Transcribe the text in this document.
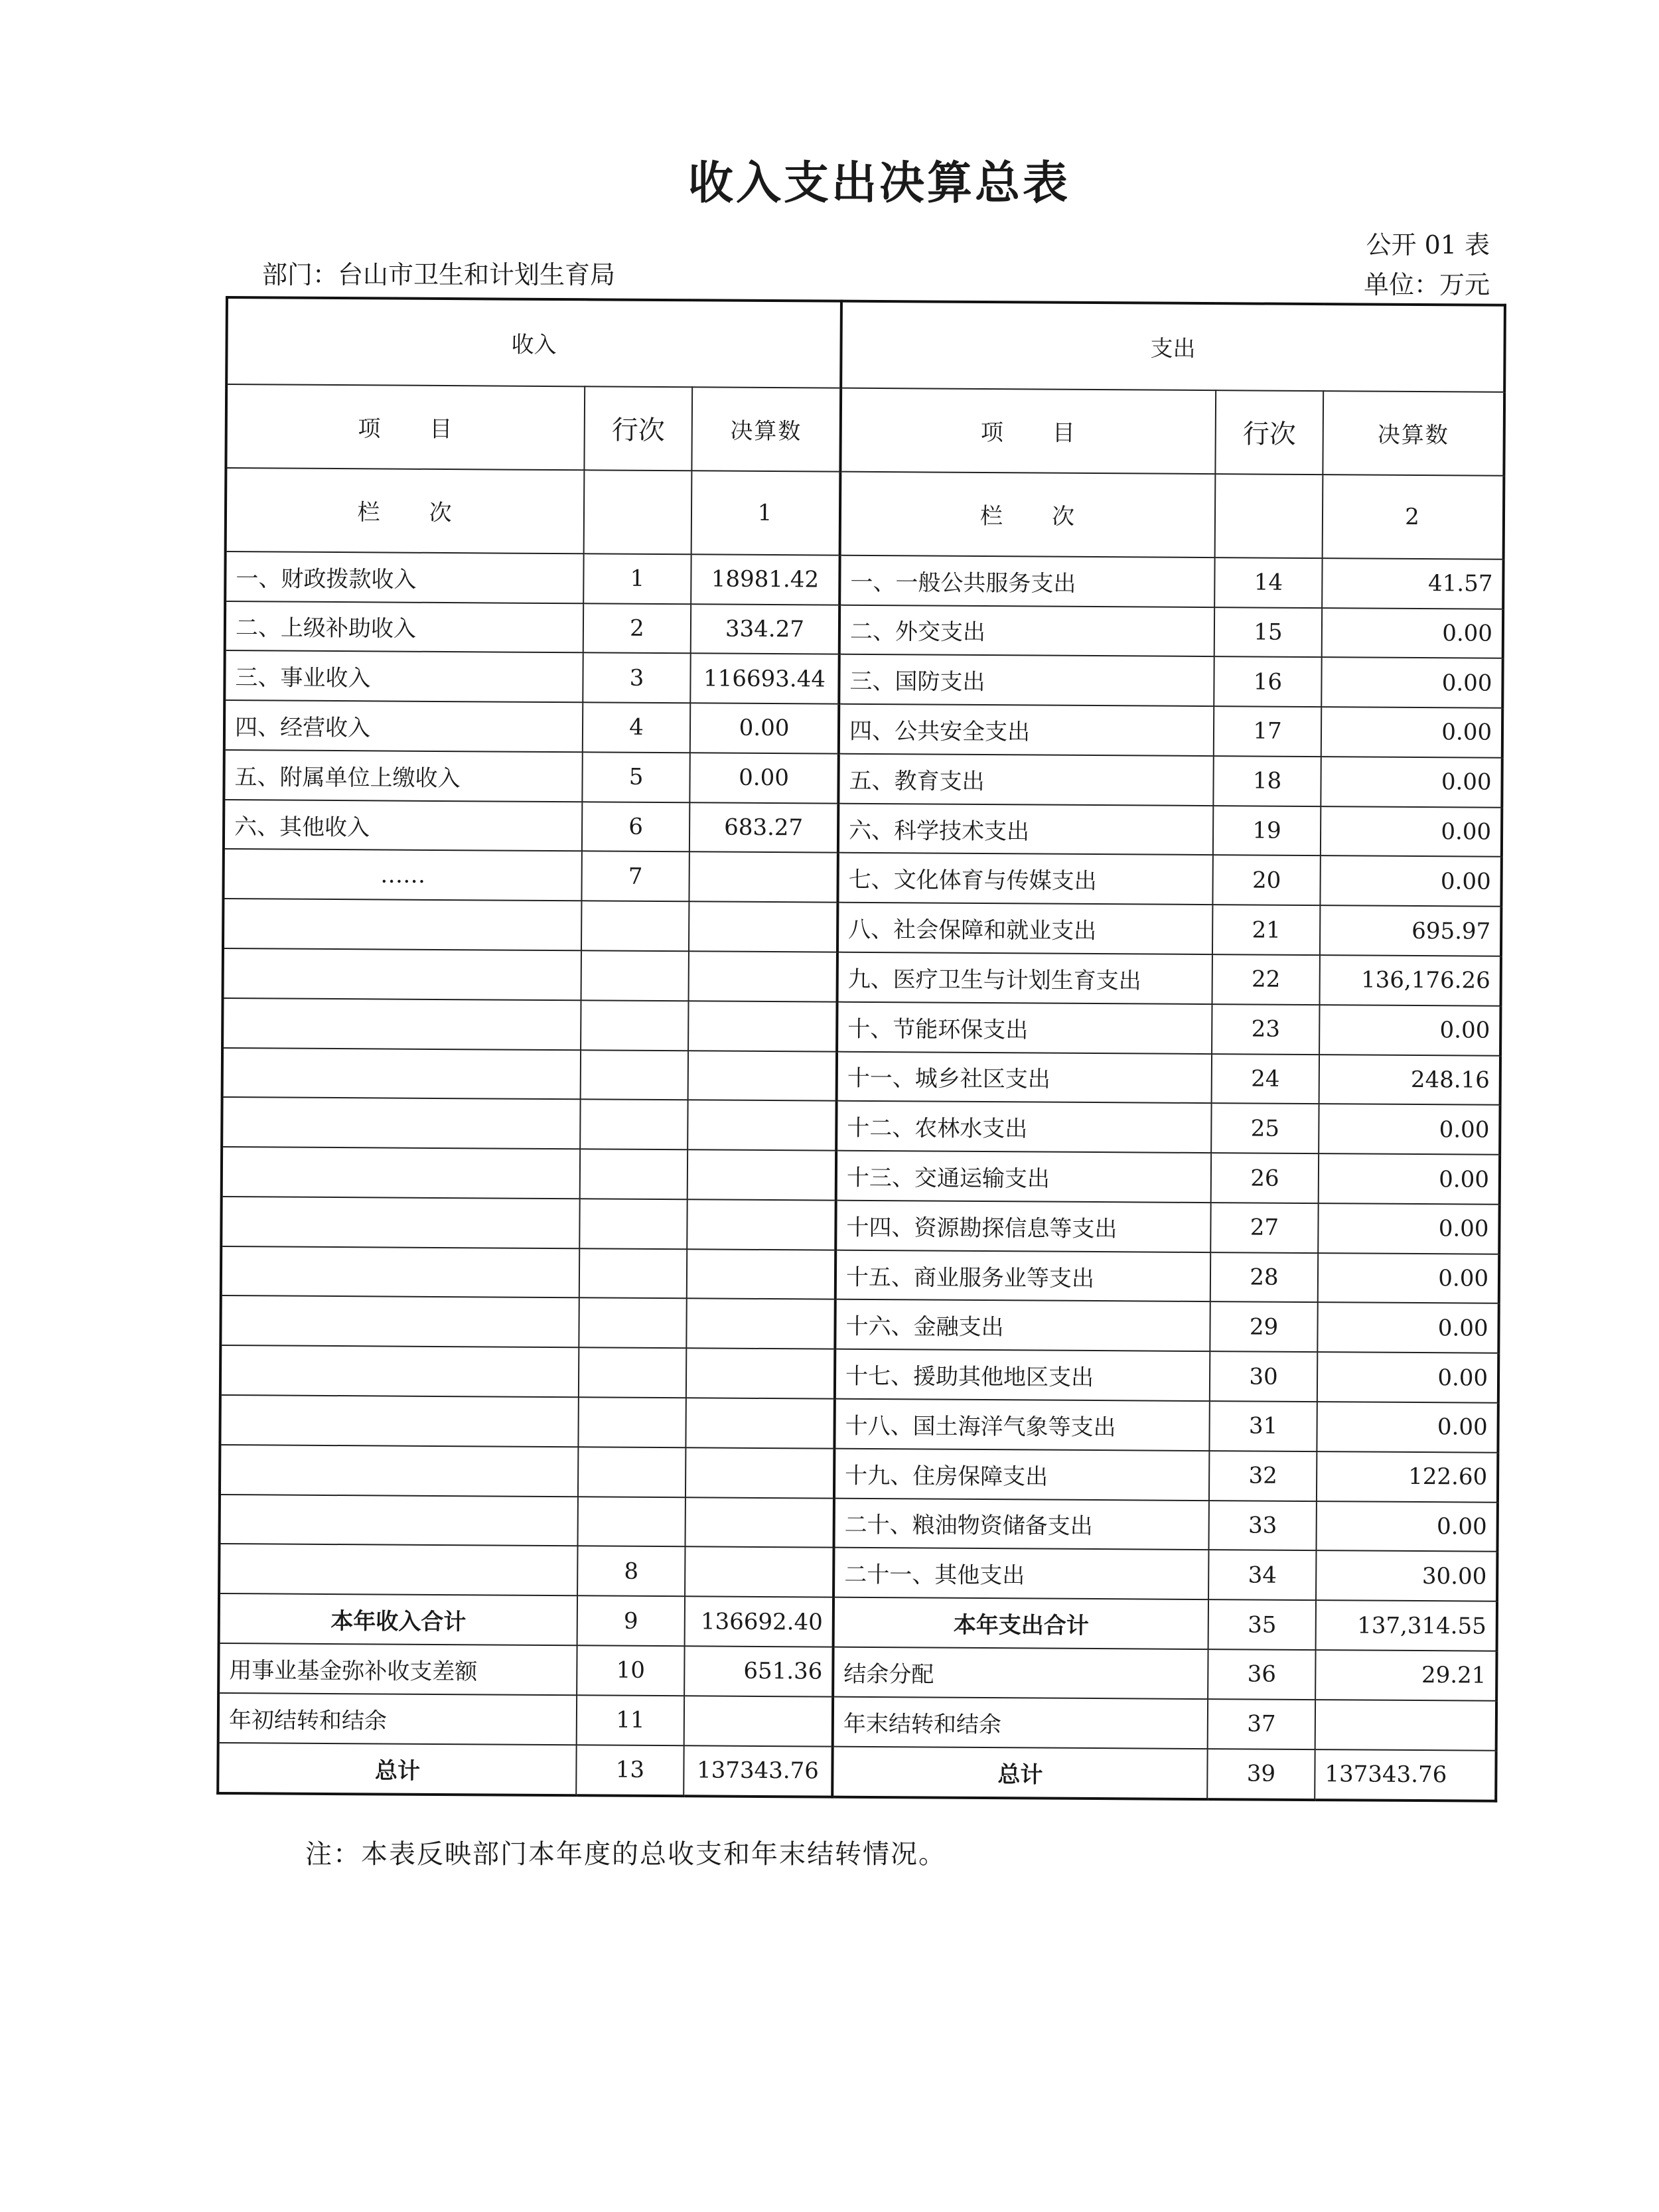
收入支出决算总表
公开 01 表
部门：台山市卫生和计划生育局	单位：万元
收入			支出		
项　　目	行次	决算数	项　　目	行次	决算数
栏　　次		1	栏　　次		2
一、财政拨款收入	1	18981.42	一、一般公共服务支出	14	41.57
二、上级补助收入	2	334.27	二、外交支出	15	0.00
三、事业收入	3	116693.44	三、国防支出	16	0.00
四、经营收入	4	0.00	四、公共安全支出	17	0.00
五、附属单位上缴收入	5	0.00	五、教育支出	18	0.00
六、其他收入	6	683.27	六、科学技术支出	19	0.00
……	7		七、文化体育与传媒支出	20	0.00
			八、社会保障和就业支出	21	695.97
			九、医疗卫生与计划生育支出	22	136,176.26
			十、节能环保支出	23	0.00
			十一、城乡社区支出	24	248.16
			十二、农林水支出	25	0.00
			十三、交通运输支出	26	0.00
			十四、资源勘探信息等支出	27	0.00
			十五、商业服务业等支出	28	0.00
			十六、金融支出	29	0.00
			十七、援助其他地区支出	30	0.00
			十八、国土海洋气象等支出	31	0.00
			十九、住房保障支出	32	122.60
			二十、粮油物资储备支出	33	0.00
	8		二十一、其他支出	34	30.00
本年收入合计	9	136692.40	本年支出合计	35	137,314.55
用事业基金弥补收支差额	10	651.36	结余分配	36	29.21
年初结转和结余	11		年末结转和结余	37	
总计	13	137343.76	总计	39	137343.76
注：本表反映部门本年度的总收支和年末结转情况。
